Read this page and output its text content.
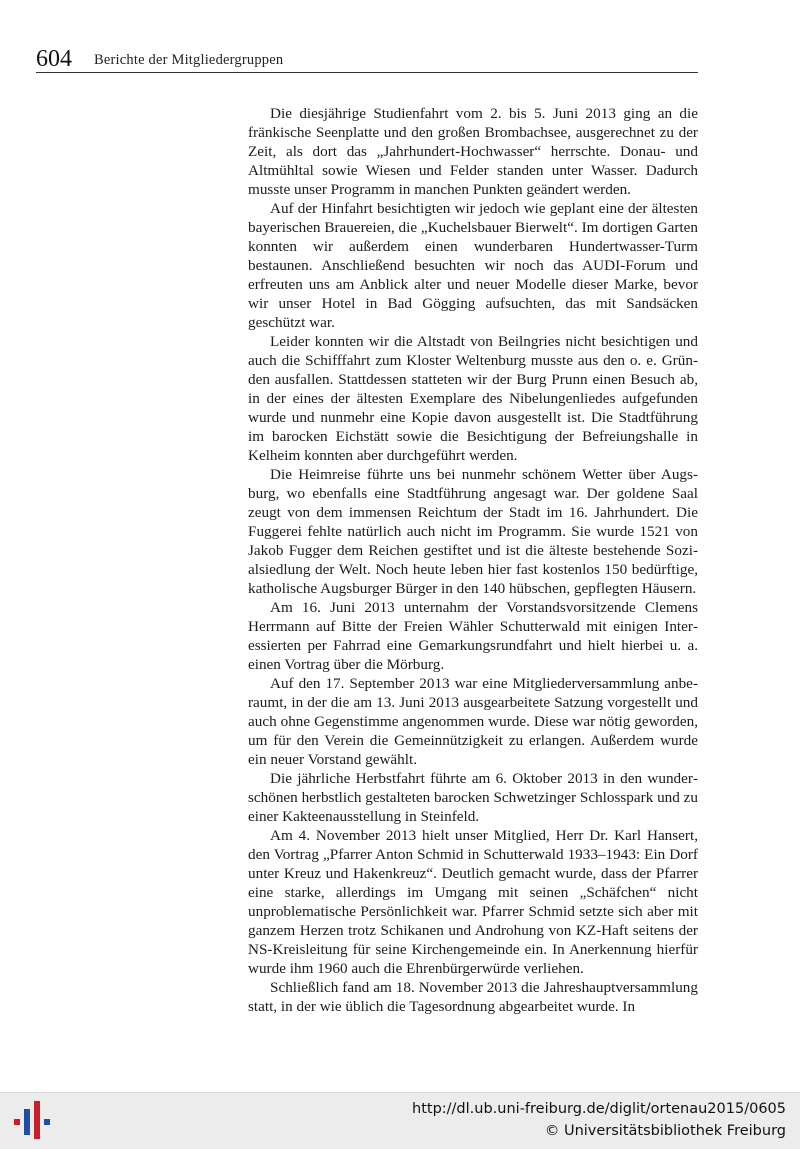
604 Berichte der Mitgliedergruppen

Die diesjährige Studienfahrt vom 2. bis 5. Juni 2013 ging an die fränkische Seenplatte und den großen Brombachsee, ausgerechnet zu der Zeit, als dort das „Jahrhundert-Hochwasser“ herrschte. Donau- und Altmühltal sowie Wiesen und Felder standen unter Wasser. Dadurch musste unser Programm in manchen Punkten geändert werden.

Auf der Hinfahrt besichtigten wir jedoch wie geplant eine der ältesten bayerischen Brauereien, die „Kuchelsbauer Bierwelt“. Im dortigen Garten konnten wir außerdem einen wunderbaren Hundertwasser-Turm bestaunen. Anschließend besuchten wir noch das AUDI-Forum und erfreuten uns am Anblick alter und neuer Modelle dieser Marke, bevor wir unser Hotel in Bad Gögging aufsuchten, das mit Sandsäcken geschützt war.

Leider konnten wir die Altstadt von Beilngries nicht besichtigen und auch die Schifffahrt zum Kloster Weltenburg musste aus den o. e. Gründen ausfallen. Stattdessen statteten wir der Burg Prunn einen Besuch ab, in der eines der ältesten Exemplare des Nibelungenliedes aufgefunden wurde und nunmehr eine Kopie davon ausgestellt ist. Die Stadtführung im barocken Eichstätt sowie die Besichtigung der Befreiungshalle in Kelheim konnten aber durchgeführt werden.

Die Heimreise führte uns bei nunmehr schönem Wetter über Augsburg, wo ebenfalls eine Stadtführung angesagt war. Der goldene Saal zeugt von dem immensen Reichtum der Stadt im 16. Jahrhundert. Die Fuggerei fehlte natürlich auch nicht im Programm. Sie wurde 1521 von Jakob Fugger dem Reichen gestiftet und ist die älteste bestehende Sozialsiedlung der Welt. Noch heute leben hier fast kostenlos 150 bedürftige, katholische Augsburger Bürger in den 140 hübschen, gepflegten Häusern.

Am 16. Juni 2013 unternahm der Vorstandsvorsitzende Clemens Herrmann auf Bitte der Freien Wähler Schutterwald mit einigen Interessierten per Fahrrad eine Gemarkungsrundfahrt und hielt hierbei u. a. einen Vortrag über die Mörburg.

Auf den 17. September 2013 war eine Mitgliederversammlung anberaumt, in der die am 13. Juni 2013 ausgearbeitete Satzung vorgestellt und auch ohne Gegenstimme angenommen wurde. Diese war nötig geworden, um für den Verein die Gemeinnützigkeit zu erlangen. Außerdem wurde ein neuer Vorstand gewählt.

Die jährliche Herbstfahrt führte am 6. Oktober 2013 in den wunderschönen herbstlich gestalteten barocken Schwetzinger Schlosspark und zu einer Kakteenausstellung in Steinfeld.

Am 4. November 2013 hielt unser Mitglied, Herr Dr. Karl Hansert, den Vortrag „Pfarrer Anton Schmid in Schutterwald 1933–1943: Ein Dorf unter Kreuz und Hakenkreuz“. Deutlich gemacht wurde, dass der Pfarrer eine starke, allerdings im Umgang mit seinen „Schäfchen“ nicht unproblematische Persönlichkeit war. Pfarrer Schmid setzte sich aber mit ganzem Herzen trotz Schikanen und Androhung von KZ-Haft seitens der NS-Kreisleitung für seine Kirchengemeinde ein. In Anerkennung hierfür wurde ihm 1960 auch die Ehrenbürgerwürde verliehen.

Schließlich fand am 18. November 2013 die Jahreshauptversammlung statt, in der wie üblich die Tagesordnung abgearbeitet wurde. In

http://dl.ub.uni-freiburg.de/diglit/ortenau2015/0605
© Universitätsbibliothek Freiburg
